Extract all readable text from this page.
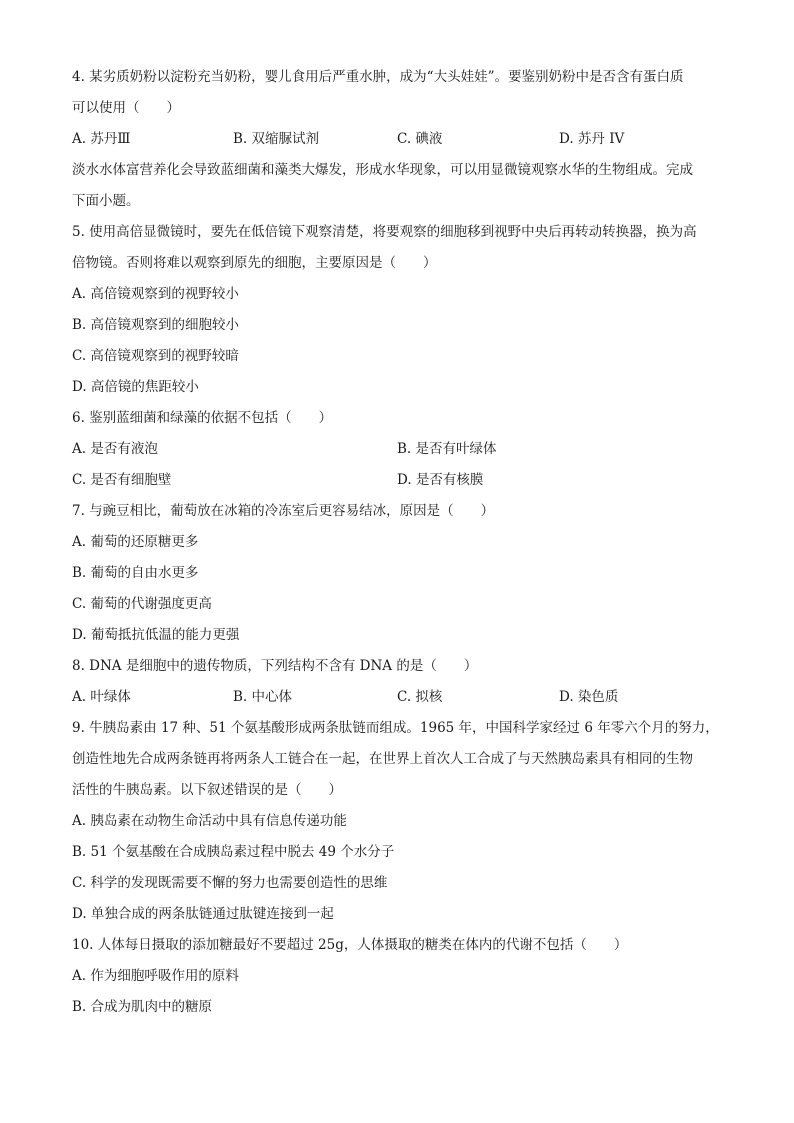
4. 某劣质奶粉以淀粉充当奶粉，婴儿食用后严重水肿，成为“大头娃娃”。要鉴别奶粉中是否含有蛋白质
可以使用（　　）
A. 苏丹Ⅲ	B. 双缩脲试剂	C. 碘液	D. 苏丹 IV
淡水水体富营养化会导致蓝细菌和藻类大爆发，形成水华现象，可以用显微镜观察水华的生物组成。完成
下面小题。
5. 使用高倍显微镜时，要先在低倍镜下观察清楚，将要观察的细胞移到视野中央后再转动转换器，换为高
倍物镜。否则将难以观察到原先的细胞，主要原因是（　　）
A. 高倍镜观察到的视野较小
B. 高倍镜观察到的细胞较小
C. 高倍镜观察到的视野较暗
D. 高倍镜的焦距较小
6. 鉴别蓝细菌和绿藻的依据不包括（　　）
A. 是否有液泡	B. 是否有叶绿体
C. 是否有细胞壁	D. 是否有核膜
7. 与豌豆相比，葡萄放在冰箱的冷冻室后更容易结冰，原因是（　　）
A. 葡萄的还原糖更多
B. 葡萄的自由水更多
C. 葡萄的代谢强度更高
D. 葡萄抵抗低温的能力更强
8. DNA 是细胞中的遗传物质，下列结构不含有 DNA 的是（　　）
A. 叶绿体	B. 中心体	C. 拟核	D. 染色质
9. 牛胰岛素由 17 种、51 个氨基酸形成两条肽链而组成。1965 年，中国科学家经过 6 年零六个月的努力，
创造性地先合成两条链再将两条人工链合在一起，在世界上首次人工合成了与天然胰岛素具有相同的生物
活性的牛胰岛素。以下叙述错误的是（　　）
A. 胰岛素在动物生命活动中具有信息传递功能
B. 51 个氨基酸在合成胰岛素过程中脱去 49 个水分子
C. 科学的发现既需要不懈的努力也需要创造性的思维
D. 单独合成的两条肽链通过肽键连接到一起
10. 人体每日摄取的添加糖最好不要超过 25g，人体摄取的糖类在体内的代谢不包括（　　）
A. 作为细胞呼吸作用的原料
B. 合成为肌肉中的糖原
